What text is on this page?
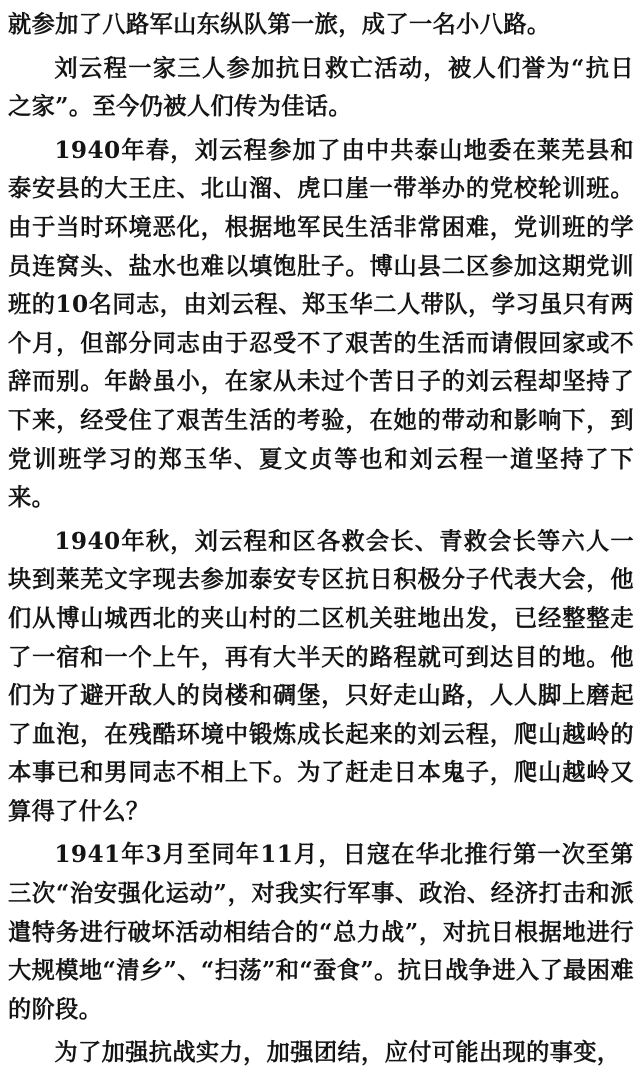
就参加了八路军山东纵队第一旅，成了一名小八路。

刘云程一家三人参加抗日救亡活动，被人们誉为“抗日之家”。至今仍被人们传为佳话。

1940年春，刘云程参加了由中共泰山地委在莱芜县和泰安县的大王庄、北山溜、虎口崖一带举办的党校轮训班。由于当时环境恶化，根据地军民生活非常困难，党训班的学员连窝头、盐水也难以填饱肚子。博山县二区参加这期党训班的10名同志，由刘云程、郑玉华二人带队，学习虽只有两个月，但部分同志由于忍受不了艰苦的生活而请假回家或不辞而别。年龄虽小，在家从未过个苦日子的刘云程却坚持了下来，经受住了艰苦生活的考验，在她的带动和影响下，到党训班学习的郑玉华、夏文贞等也和刘云程一道坚持了下来。

1940年秋，刘云程和区各救会长、青救会长等六人一块到莱芜文字现去参加泰安专区抗日积极分子代表大会，他们从博山城西北的夹山村的二区机关驻地出发，已经整整走了一宿和一个上午，再有大半天的路程就可到达目的地。他们为了避开敌人的岗楼和碉堡，只好走山路，人人脚上磨起了血泡，在残酷环境中锻炼成长起来的刘云程，爬山越岭的本事已和男同志不相上下。为了赶走日本鬼子，爬山越岭又算得了什么？

1941年3月至同年11月，日寇在华北推行第一次至第三次“治安强化运动”，对我实行军事、政治、经济打击和派遣特务进行破坏活动相结合的“总力战”，对抗日根据地进行大规模地“清乡”、“扫荡”和“蚕食”。抗日战争进入了最困难的阶段。

为了加强抗战实力，加强团结，应付可能出现的事变，
